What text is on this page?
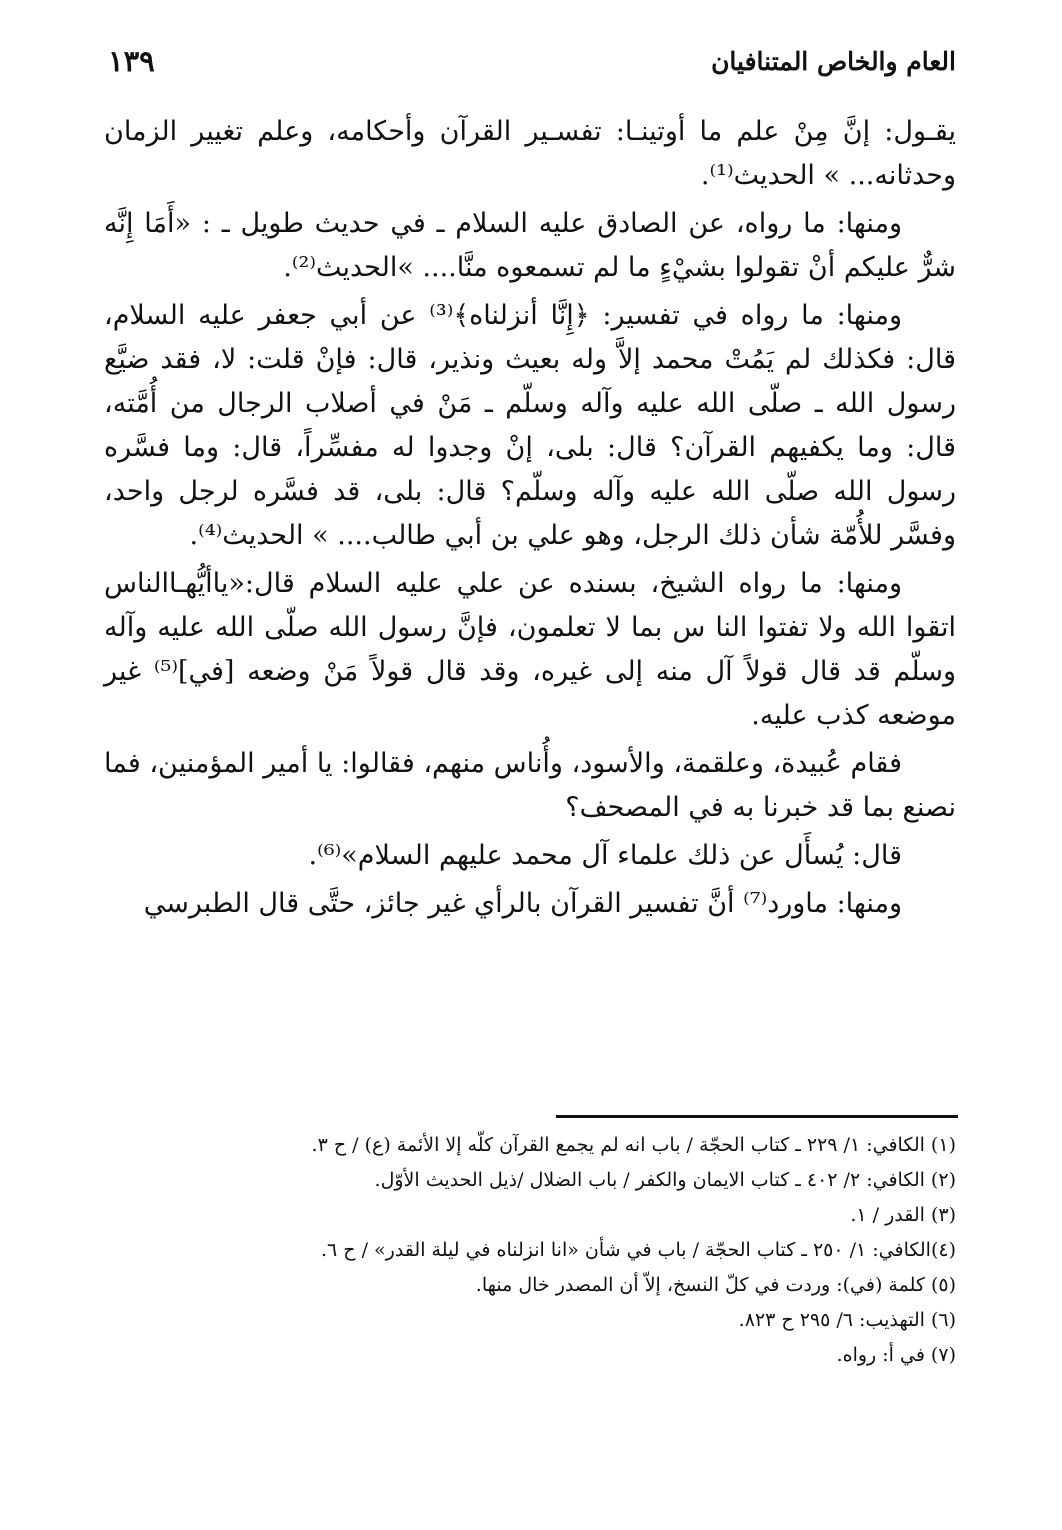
العام والخاص المتنافيان
١٣٩

يقـول: إنَّ مِنْ علم ما أوتينـا: تفسـير القرآن وأحكامه، وعلم تغيير الزمان وحدثانه... » الحديث⁽¹⁾.

ومنها: ما رواه، عن الصادق عليه السلام ـ في حديث طويل ـ : «أَمَا إِنَّه شرٌّ عليكم أنْ تقولوا بشيْءٍ ما لم تسمعوه منَّا.... »الحديث⁽²⁾.

ومنها: ما رواه في تفسير: ﴿إِنَّا أنزلناه﴾⁽³⁾ عن أبي جعفر عليه السلام، قال: فكذلك لم يَمُتْ محمد إلاَّ وله بعيث ونذير، قال: فإنْ قلت: لا، فقد ضيَّع رسول الله ـ صلّى الله عليه وآله وسلّم ـ مَنْ في أصلاب الرجال من أُمَّته، قال: وما يكفيهم القرآن؟ قال: بلى، إنْ وجدوا له مفسِّراً، قال: وما فسَّره رسول الله صلّى الله عليه وآله وسلّم؟ قال: بلى، قد فسَّره لرجل واحد، وفسَّر للأُمّة شأن ذلك الرجل، وهو علي بن أبي طالب.... » الحديث⁽⁴⁾.

ومنها: ما رواه الشيخ، بسنده عن علي عليه السلام قال:«ياأيُّهـاالناس اتقوا الله ولا تفتوا النا س بما لا تعلمون، فإنَّ رسول الله صلّى الله عليه وآله وسلّم قد قال قولاً آل منه إلى غيره، وقد قال قولاً مَنْ وضعه [في]⁽⁵⁾ غير موضعه كذب عليه.

فقام عُبيدة، وعلقمة، والأسود، وأُناس منهم، فقالوا: يا أمير المؤمنين، فما نصنع بما قد خبرنا به في المصحف؟

قال: يُسأَل عن ذلك علماء آل محمد عليهم السلام»⁽⁶⁾.

ومنها: ماورد⁽⁷⁾ أنَّ تفسير القرآن بالرأي غير جائز، حتَّى قال الطبرسي

(١) الكافي: ١/ ٢٢٩ ـ كتاب الحجّة / باب انه لم يجمع القرآن كلّه إلا الأئمة (ع) / ح ٣.
(٢) الكافي: ٢/ ٤٠٢ ـ كتاب الايمان والكفر / باب الضلال /ذيل الحديث الأوّل.
(٣) القدر / ١.
(٤)الكافي: ١/ ٢٥٠ ـ كتاب الحجّة / باب في شأن «انا انزلناه في ليلة القدر» / ح ٦.
(٥) كلمة (في): وردت في كلّ النسخ، إلاّ أن المصدر خال منها.
(٦) التهذيب: ٦/ ٢٩٥ ح ٨٢٣.
(٧) في أ: رواه.
